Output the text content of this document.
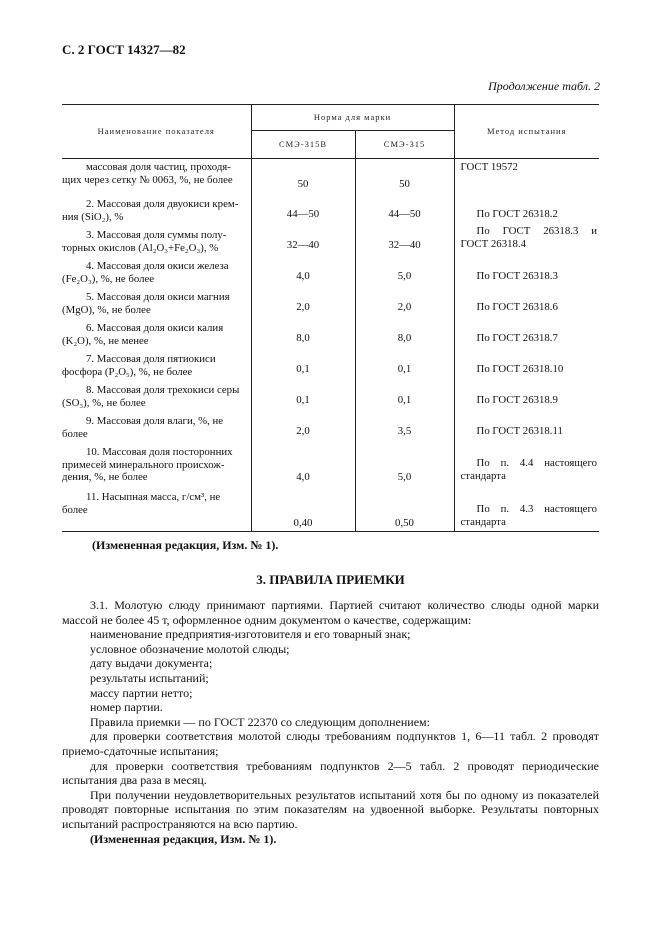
С. 2 ГОСТ 14327—82
Продолжение табл. 2
Наименование показателя	Норма для марки		Метод испытания
	СМЭ-315В	СМЭ-315	

массовая доля частиц, проходя-
щих через сетку № 0063, %, не более	50	50	ГОСТ 19572

2. Массовая доля двуокиси крем-
ния (SiO₂), %	44—50	44—50	По ГОСТ 26318.2

3. Массовая доля суммы полу-
торных окислов (Al₂O₃+Fe₂O₃), %	32—40	32—40	По ГОСТ 26318.3 и
ГОСТ 26318.4

4. Массовая доля окиси железа
(Fe₂O₃), %, не более	4,0	5,0	По ГОСТ 26318.3

5. Массовая доля окиси магния
(MgO), %, не более	2,0	2,0	По ГОСТ 26318.6

6. Массовая доля окиси калия
(K₂O), %, не менее	8,0	8,0	По ГОСТ 26318.7

7. Массовая доля пятиокиси
фосфора (P₂O₅), %, не более	0,1	0,1	По ГОСТ 26318.10

8. Массовая доля трехокиси серы
(SO₃), %, не более	0,1	0,1	По ГОСТ 26318.9

9. Массовая доля влаги, %, не
более	2,0	3,5	По ГОСТ 26318.11

10. Массовая доля посторонних
примесей минерального происхож-
дения, %, не более	4,0	5,0	По п. 4.4 настоящего
стандарта

11. Насыпная масса, г/см³, не
более	0,40	0,50	По п. 4.3 настоящего
стандарта
(Измененная редакция, Изм. № 1).
3. ПРАВИЛА ПРИЕМКИ

3.1. Молотую слюду принимают партиями. Партией считают количество слюды одной марки массой не более 45 т, оформленное одним документом о качестве, содержащим:

наименование предприятия-изготовителя и его товарный знак;

условное обозначение молотой слюды;

дату выдачи документа;

результаты испытаний;

массу партии нетто;

номер партии.

Правила приемки — по ГОСТ 22370 со следующим дополнением:

для проверки соответствия молотой слюды требованиям подпунктов 1, 6—11 табл. 2 проводят приемо-сдаточные испытания;

для проверки соответствия требованиям подпунктов 2—5 табл. 2 проводят периодические испытания два раза в месяц.

При получении неудовлетворительных результатов испытаний хотя бы по одному из показателей проводят повторные испытания по этим показателям на удвоенной выборке. Результаты повторных испытаний распространяются на всю партию.

(Измененная редакция, Изм. № 1).
